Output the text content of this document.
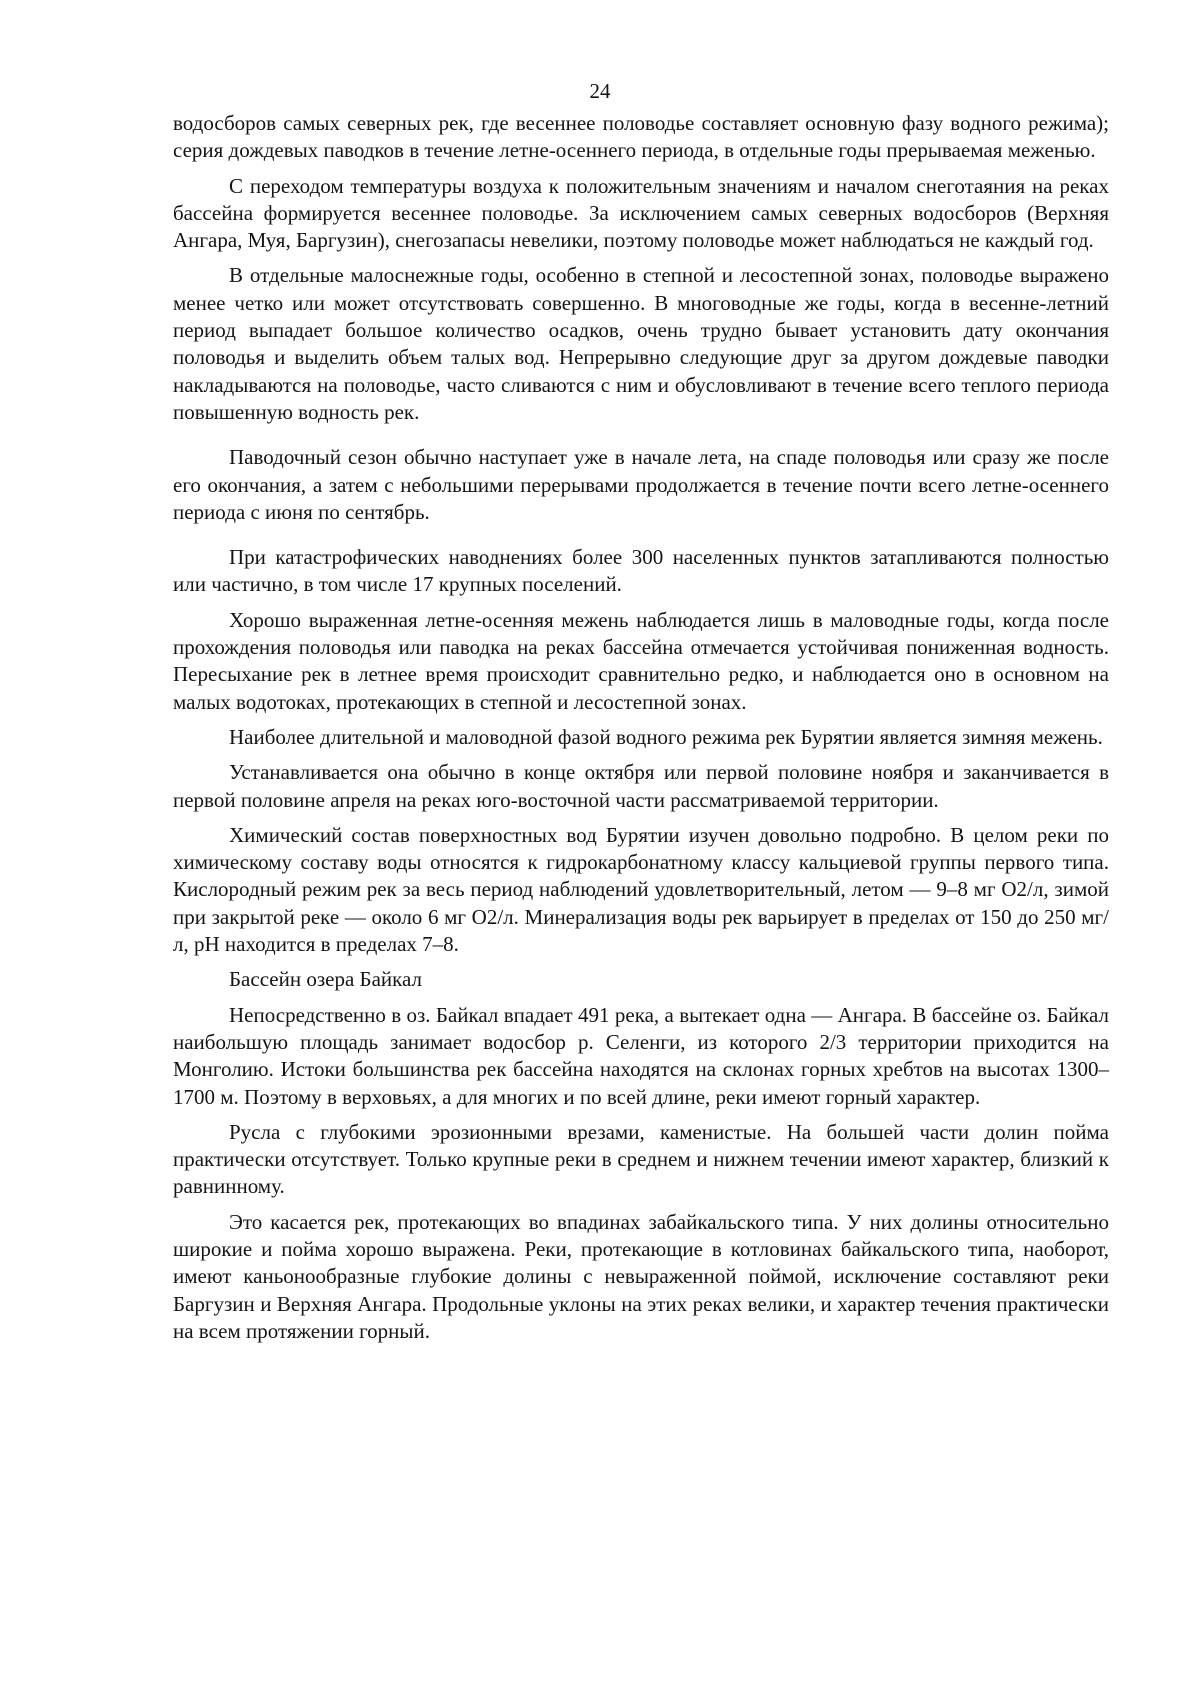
24

водосборов самых северных рек, где весеннее половодье составляет основную фазу водного режима); серия дождевых паводков в течение летне-осеннего периода, в отдельные годы прерываемая меженью.

С переходом температуры воздуха к положительным значениям и началом снеготаяния на реках бассейна формируется весеннее половодье. За исключением самых северных водосборов (Верхняя Ангара, Муя, Баргузин), снегозапасы невелики, поэтому половодье может наблюдаться не каждый год.

В отдельные малоснежные годы, особенно в степной и лесостепной зонах, половодье выражено менее четко или может отсутствовать совершенно. В многоводные же годы, когда в весенне-летний период выпадает большое количество осадков, очень трудно бывает установить дату окончания половодья и выделить объем талых вод. Непрерывно следующие друг за другом дождевые паводки накладываются на половодье, часто сливаются с ним и обусловливают в течение всего теплого периода повышенную водность рек.

Паводочный сезон обычно наступает уже в начале лета, на спаде половодья или сразу же после его окончания, а затем с небольшими перерывами продолжается в течение почти всего летне-осеннего периода с июня по сентябрь.

При катастрофических наводнениях более 300 населенных пунктов затапливаются полностью или частично, в том числе 17 крупных поселений.

Хорошо выраженная летне-осенняя межень наблюдается лишь в маловодные годы, когда после прохождения половодья или паводка на реках бассейна отмечается устойчивая пониженная водность. Пересыхание рек в летнее время происходит сравнительно редко, и наблюдается оно в основном на малых водотоках, протекающих в степной и лесостепной зонах.

Наиболее длительной и маловодной фазой водного режима рек Бурятии является зимняя межень.

Устанавливается она обычно в конце октября или первой половине ноября и заканчивается в первой половине апреля на реках юго-восточной части рассматриваемой территории.

Химический состав поверхностных вод Бурятии изучен довольно подробно. В целом реки по химическому составу воды относятся к гидрокарбонатному классу кальциевой группы первого типа. Кислородный режим рек за весь период наблюдений удовлетворительный, летом — 9–8 мг О2/л, зимой при закрытой реке — около 6 мг О2/л. Минерализация воды рек варьирует в пределах от 150 до 250 мг/л, pH находится в пределах 7–8.

Бассейн озера Байкал

Непосредственно в оз. Байкал впадает 491 река, а вытекает одна — Ангара. В бассейне оз. Байкал наибольшую площадь занимает водосбор р. Селенги, из которого 2/3 территории приходится на Монголию. Истоки большинства рек бассейна находятся на склонах горных хребтов на высотах 1300–1700 м. Поэтому в верховьях, а для многих и по всей длине, реки имеют горный характер.

Русла с глубокими эрозионными врезами, каменистые. На большей части долин пойма практически отсутствует. Только крупные реки в среднем и нижнем течении имеют характер, близкий к равнинному.

Это касается рек, протекающих во впадинах забайкальского типа. У них долины относительно широкие и пойма хорошо выражена. Реки, протекающие в котловинах байкальского типа, наоборот, имеют каньонообразные глубокие долины с невыраженной поймой, исключение составляют реки Баргузин и Верхняя Ангара. Продольные уклоны на этих реках велики, и характер течения практически на всем протяжении горный.
